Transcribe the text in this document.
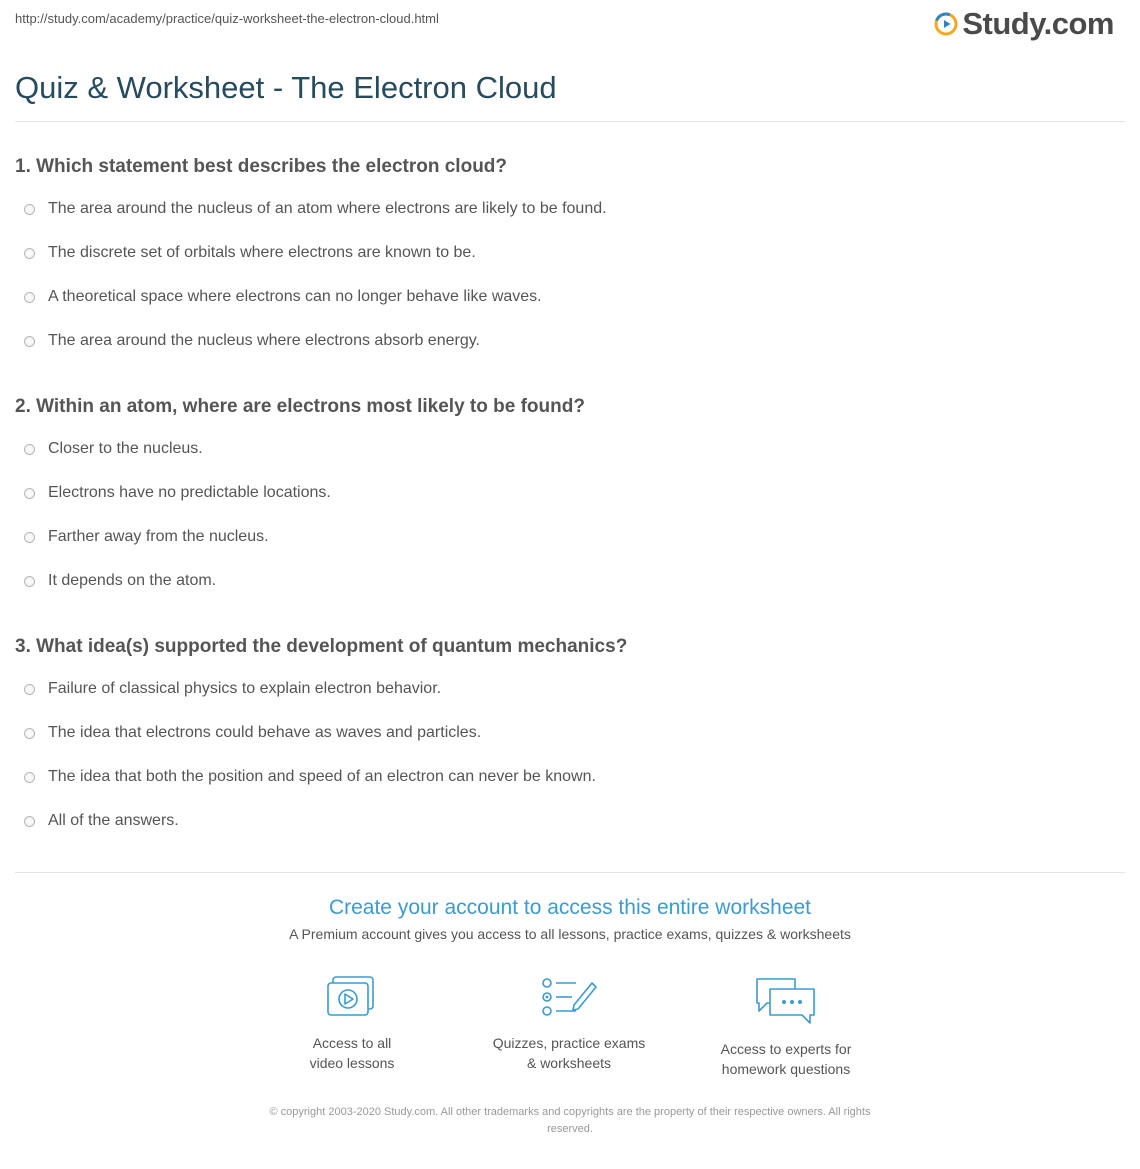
http://study.com/academy/practice/quiz-worksheet-the-electron-cloud.html	Study.com
Quiz & Worksheet - The Electron Cloud
1. Which statement best describes the electron cloud?
The area around the nucleus of an atom where electrons are likely to be found.
The discrete set of orbitals where electrons are known to be.
A theoretical space where electrons can no longer behave like waves.
The area around the nucleus where electrons absorb energy.
2. Within an atom, where are electrons most likely to be found?
Closer to the nucleus.
Electrons have no predictable locations.
Farther away from the nucleus.
It depends on the atom.
3. What idea(s) supported the development of quantum mechanics?
Failure of classical physics to explain electron behavior.
The idea that electrons could behave as waves and particles.
The idea that both the position and speed of an electron can never be known.
All of the answers.
Create your account to access this entire worksheet
A Premium account gives you access to all lessons, practice exams, quizzes & worksheets
Access to all
video lessons
Quizzes, practice exams
& worksheets
Access to experts for
homework questions
© copyright 2003-2020 Study.com. All other trademarks and copyrights are the property of their respective owners. All rights
reserved.
